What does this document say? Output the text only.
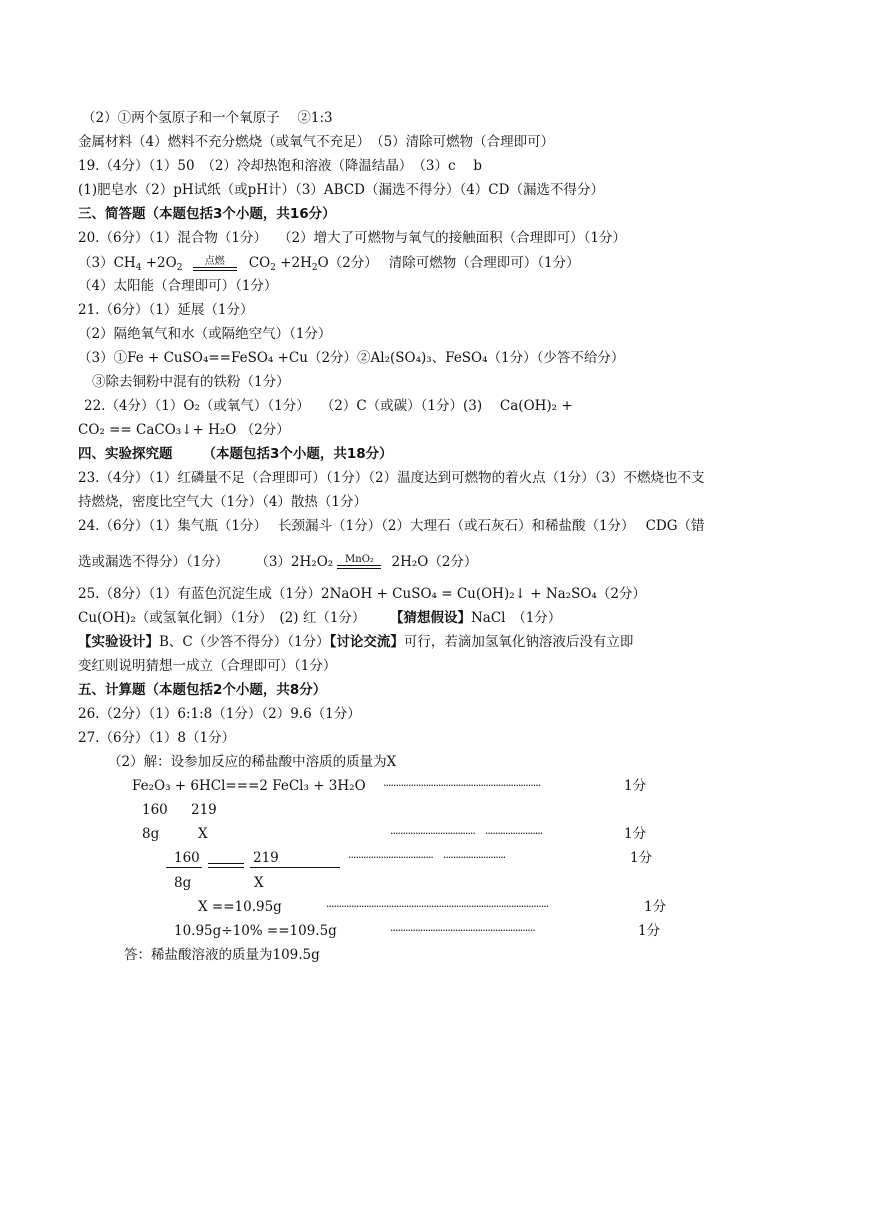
（2）①两个氢原子和一个氧原子　 ②1:3
金属材料（4）燃料不充分燃烧（或氧气不充足）　（5）清除可燃物（合理即可）
19.（4分）（1）50　（2）冷却热饱和溶液（降温结晶）　（3）c　 b
(1)肥皂水（2）pH试纸（或pH计）（3）ABCD（漏选不得分）（4）CD（漏选不得分）
三、简答题（本题包括3个小题，共16分）
20.（6分）（1）混合物（1分）　 （2）增大了可燃物与氧气的接触面积（合理即可）（1分）
$(3)CH_4 +2O_2$
点燃	$CO_2 +2H_2O(2$分）　 清除可燃物（合理即可）（1分）
（4）太阳能（合理即可）（1分）
21.（6分）（1）延展（1分）
（2）隔绝氧气和水（或隔绝空气）（1分）
（3）①Fe + CuSO₄==FeSO₄ +Cu（2分）②Al₂(SO₄)₃、FeSO₄（1分）（少答不给分）
③除去铜粉中混有的铁粉（1分）
22.（4分）（1）O₂（或氧气）（1分）　 （2）C（或碳）（1分）(3)　 Ca(OH)₂ +
CO₂ == CaCO₃↓+ H₂O （2分）
四、实验探究题 （本题包括3个小题，共18分）
23.（4分）（1）红磷量不足（合理即可）（1分）（2）温度达到可燃物的着火点（1分）（3）不燃烧也不支
持燃烧，密度比空气大（1分）（4）散热（1分）
24.（6分）（1）集气瓶（1分）　 长颈漏斗（1分）（2）大理石（或石灰石）和稀盐酸（1分）　 CDG（错
选或漏选不得分）（1分）　　　（3）2H₂O₂	MnO₂	2H₂O（2分）
25.（8分）（1）有蓝色沉淀生成（1分）2NaOH + CuSO₄ = Cu(OH)₂↓ + Na₂SO₄（2分）
Cu(OH)₂（或氢氧化铜）（1分）　(2) 红（1分）　　 【猜想假设】NaCl　（1分）
【实验设计】B、C（少答不得分）（1分）【讨论交流】可行，若滴加氢氧化钠溶液后没有立即
变红则说明猜想一成立（合理即可）（1分）
五、计算题（本题包括2个小题，共8分）
26.（2分）（1）6:1:8（1分）（2）9.6（1分）
27.（6分）（1）8（1分）
（2）解：设参加反应的稀盐酸中溶质的质量为X
Fe₂O₃ + 6HCl===2 FeCl₃ + 3H₂O ·······························································	1分
160 219
8g	X	··································　·······················	1分
160	219
8g	X
··································　·························	1分
X ==10.95g	·························································································	1分
10.95g÷10% ==109.5g	··························································	1分
答：稀盐酸溶液的质量为109.5g
